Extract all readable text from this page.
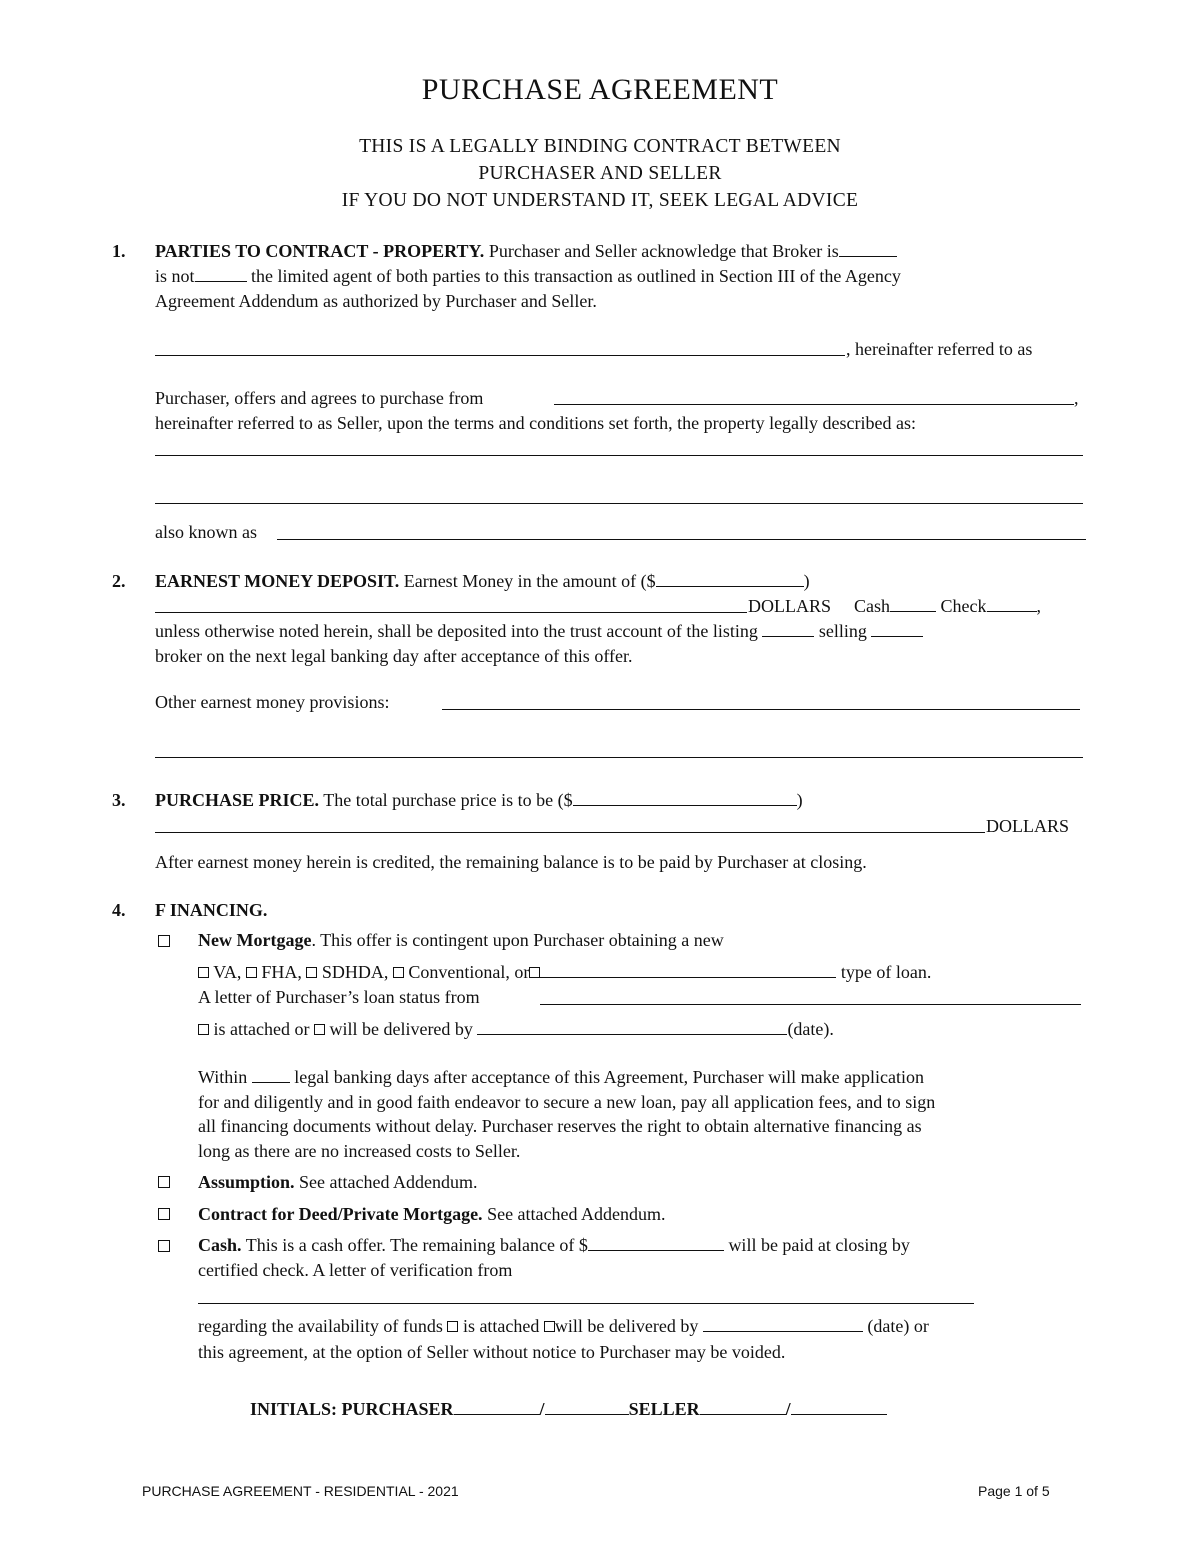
PURCHASE AGREEMENT
THIS IS A LEGALLY BINDING CONTRACT BETWEEN
PURCHASER AND SELLER
IF YOU DO NOT UNDERSTAND IT, SEEK LEGAL ADVICE
1. PARTIES TO CONTRACT - PROPERTY. Purchaser and Seller acknowledge that Broker is
is not	the limited agent of both parties to this transaction as outlined in Section III of the Agency
Agreement Addendum as authorized by Purchaser and Seller.
, hereinafter referred to as
Purchaser, offers and agrees to purchase from	,
hereinafter referred to as Seller, upon the terms and conditions set forth, the property legally described as:
also known as
2. EARNEST MONEY DEPOSIT. Earnest Money in the amount of ($	)
DOLLARS Cash	Check	,
unless otherwise noted herein, shall be deposited into the trust account of the listing	selling
broker on the next legal banking day after acceptance of this offer.
Other earnest money provisions:
3. PURCHASE PRICE. The total purchase price is to be ($	)
DOLLARS
After earnest money herein is credited, the remaining balance is to be paid by Purchaser at closing.
4. F INANCING.
New Mortgage. This offer is contingent upon Purchaser obtaining a new
VA, FHA, SDHDA, Conventional, or	type of loan.
A letter of Purchaser’s loan status from
is attached or will be delivered by	(date).
Within	legal banking days after acceptance of this Agreement, Purchaser will make application
for and diligently and in good faith endeavor to secure a new loan, pay all application fees, and to sign
all financing documents without delay. Purchaser reserves the right to obtain alternative financing as
long as there are no increased costs to Seller.
Assumption. See attached Addendum.
Contract for Deed/Private Mortgage. See attached Addendum.
Cash. This is a cash offer. The remaining balance of $	will be paid at closing by
certified check. A letter of verification from
regarding the availability of funds is attached will be delivered by	(date) or
this agreement, at the option of Seller without notice to Purchaser may be voided.
INITIALS: PURCHASER	/	SELLER	/
PURCHASE AGREEMENT - RESIDENTIAL - 2021	Page 1 of 5
